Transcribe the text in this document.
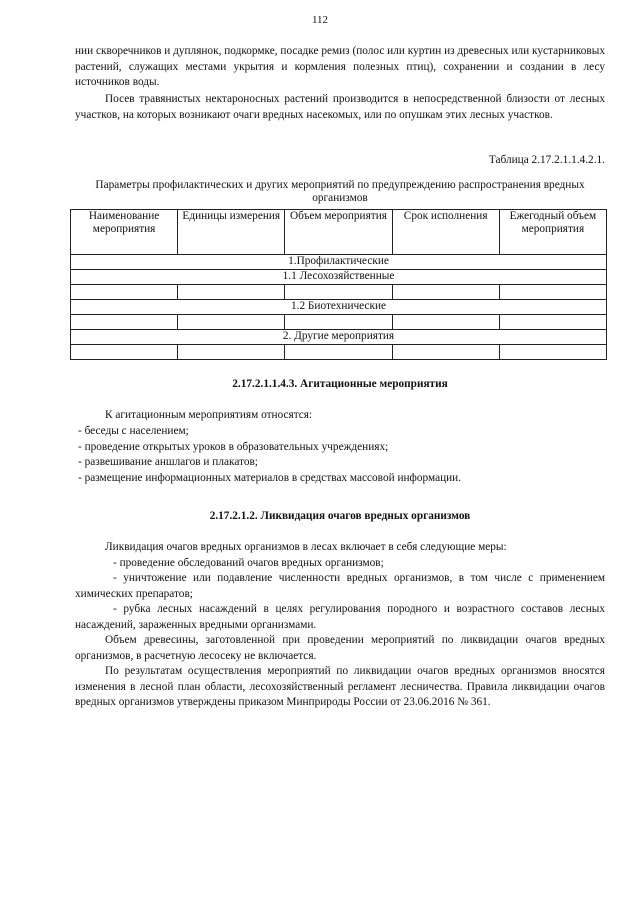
112

нии скворечников и дуплянок, подкормке, посадке ремиз (полос или куртин из древесных или кустарниковых растений, служащих местами укрытия и кормления полезных птиц), сохранении и создании в лесу источников воды.

Посев травянистых нектароносных растений производится в непосредственной близости от лесных участков, на которых возникают очаги вредных насекомых, или по опушкам этих лесных участков.

Таблица 2.17.2.1.1.4.2.1.
Параметры профилактических и других мероприятий по предупреждению распространения вредных организмов
Наименование мероприятия	Единицы измерения	Объем мероприятия	Срок исполнения	Ежегодный объем мероприятия
1.Профилактические				
1.1 Лесохозяйственные				

1.2 Биотехнические				

2. Другие мероприятия				

2.17.2.1.1.4.3. Агитационные мероприятия

К агитационным мероприятиям относятся:

- беседы с населением;

- проведение открытых уроков в образовательных учреждениях;

- развешивание аншлагов и плакатов;

- размещение информационных материалов в средствах массовой информации.

2.17.2.1.2. Ликвидация очагов вредных организмов

Ликвидация очагов вредных организмов в лесах включает в себя следующие меры:

- проведение обследований очагов вредных организмов;

- уничтожение или подавление численности вредных организмов, в том числе с применением химических препаратов;

- рубка лесных насаждений в целях регулирования породного и возрастного составов лесных насаждений, зараженных вредными организмами.

Объем древесины, заготовленной при проведении мероприятий по ликвидации очагов вредных организмов, в расчетную лесосеку не включается.

По результатам осуществления мероприятий по ликвидации очагов вредных организмов вносятся изменения в лесной план области, лесохозяйственный регламент лесничества. Правила ликвидации очагов вредных организмов утверждены приказом Минприроды России от 23.06.2016 № 361.
